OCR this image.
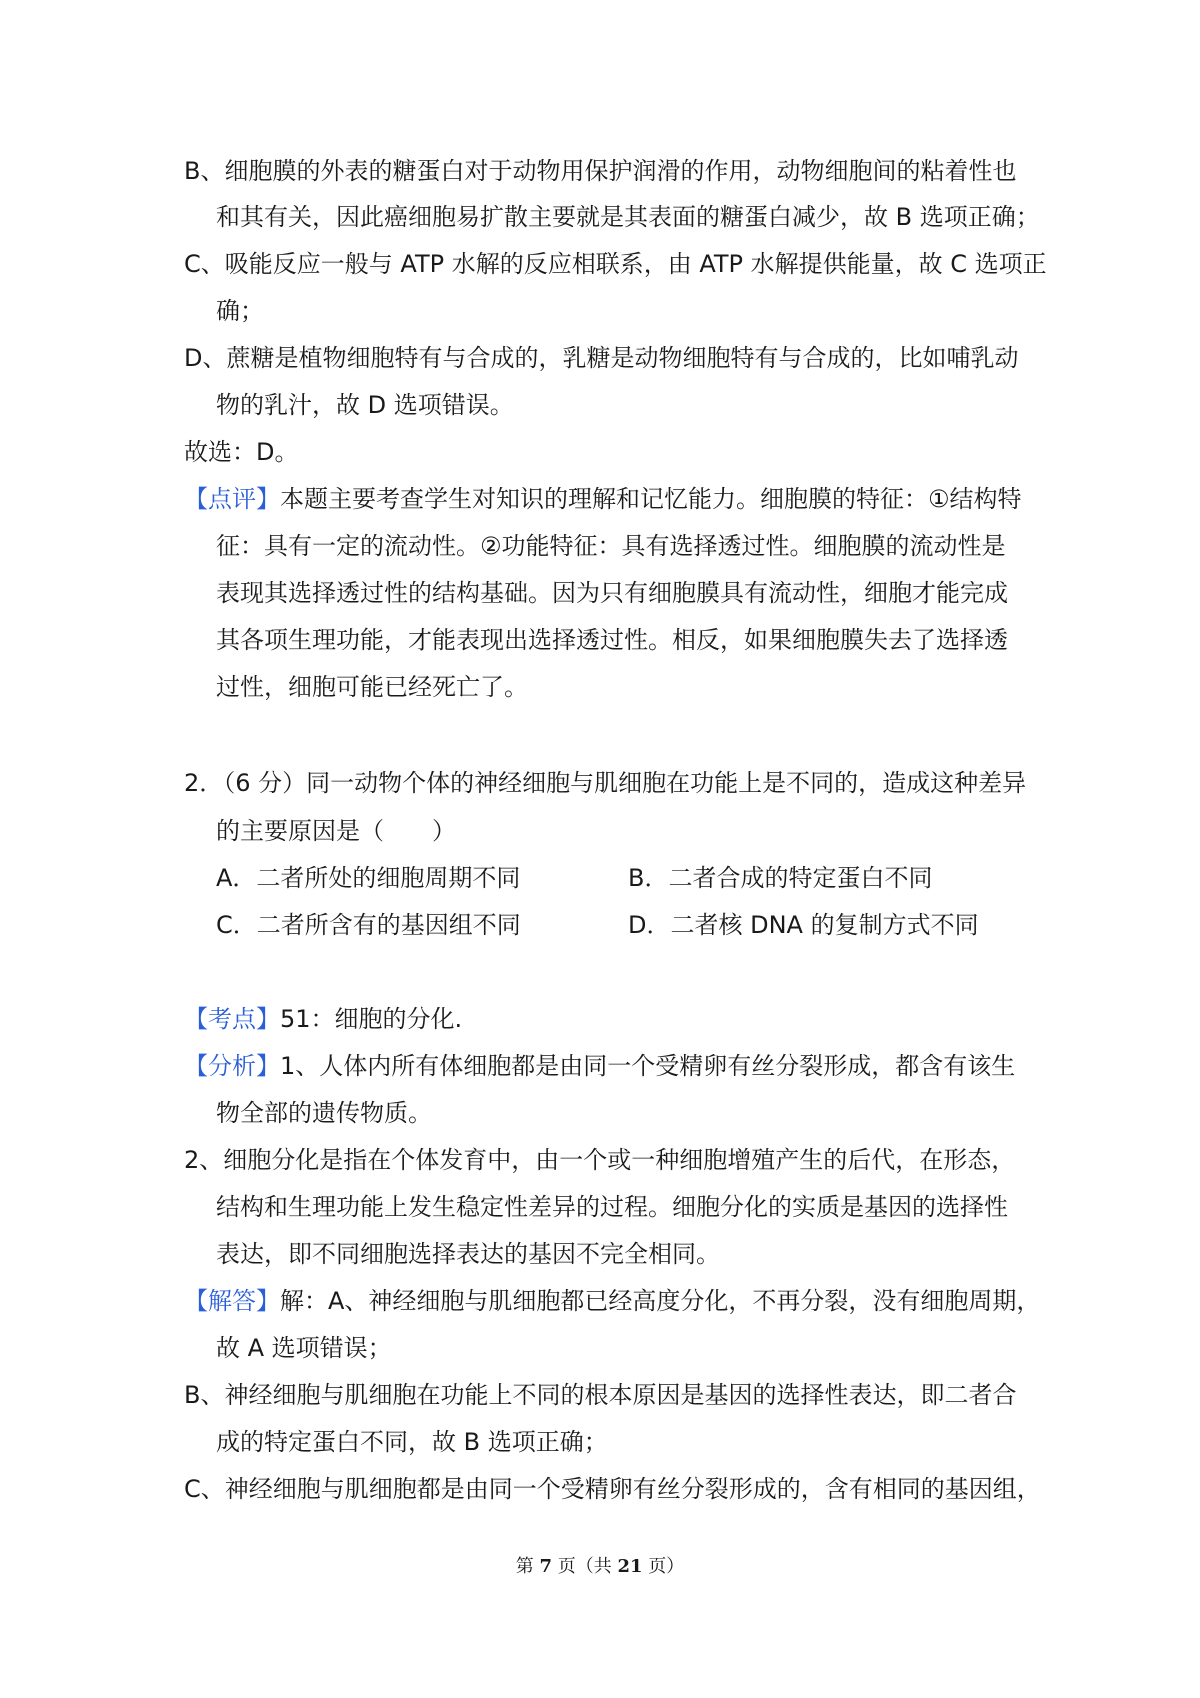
B、细胞膜的外表的糖蛋白对于动物用保护润滑的作用，动物细胞间的粘着性也

和其有关，因此癌细胞易扩散主要就是其表面的糖蛋白减少，故 B 选项正确；

C、吸能反应一般与 ATP 水解的反应相联系，由 ATP 水解提供能量，故 C 选项正

确；

D、蔗糖是植物细胞特有与合成的，乳糖是动物细胞特有与合成的，比如哺乳动

物的乳汁，故 D 选项错误。

故选：D。

【点评】本题主要考查学生对知识的理解和记忆能力。细胞膜的特征：①结构特

征：具有一定的流动性。②功能特征：具有选择透过性。细胞膜的流动性是

表现其选择透过性的结构基础。因为只有细胞膜具有流动性，细胞才能完成

其各项生理功能，才能表现出选择透过性。相反，如果细胞膜失去了选择透

过性，细胞可能已经死亡了。

2．（6 分）同一动物个体的神经细胞与肌细胞在功能上是不同的，造成这种差异

的主要原因是（　　）

A．二者所处的细胞周期不同	B．二者合成的特定蛋白不同

C．二者所含有的基因组不同	D．二者核 DNA 的复制方式不同

【考点】51：细胞的分化.

【分析】1、人体内所有体细胞都是由同一个受精卵有丝分裂形成，都含有该生

物全部的遗传物质。

2、细胞分化是指在个体发育中，由一个或一种细胞增殖产生的后代，在形态，

结构和生理功能上发生稳定性差异的过程。细胞分化的实质是基因的选择性

表达，即不同细胞选择表达的基因不完全相同。

【解答】解：A、神经细胞与肌细胞都已经高度分化，不再分裂，没有细胞周期，

故 A 选项错误；

B、神经细胞与肌细胞在功能上不同的根本原因是基因的选择性表达，即二者合

成的特定蛋白不同，故 B 选项正确；

C、神经细胞与肌细胞都是由同一个受精卵有丝分裂形成的，含有相同的基因组，

第 7 页（共 21 页）
